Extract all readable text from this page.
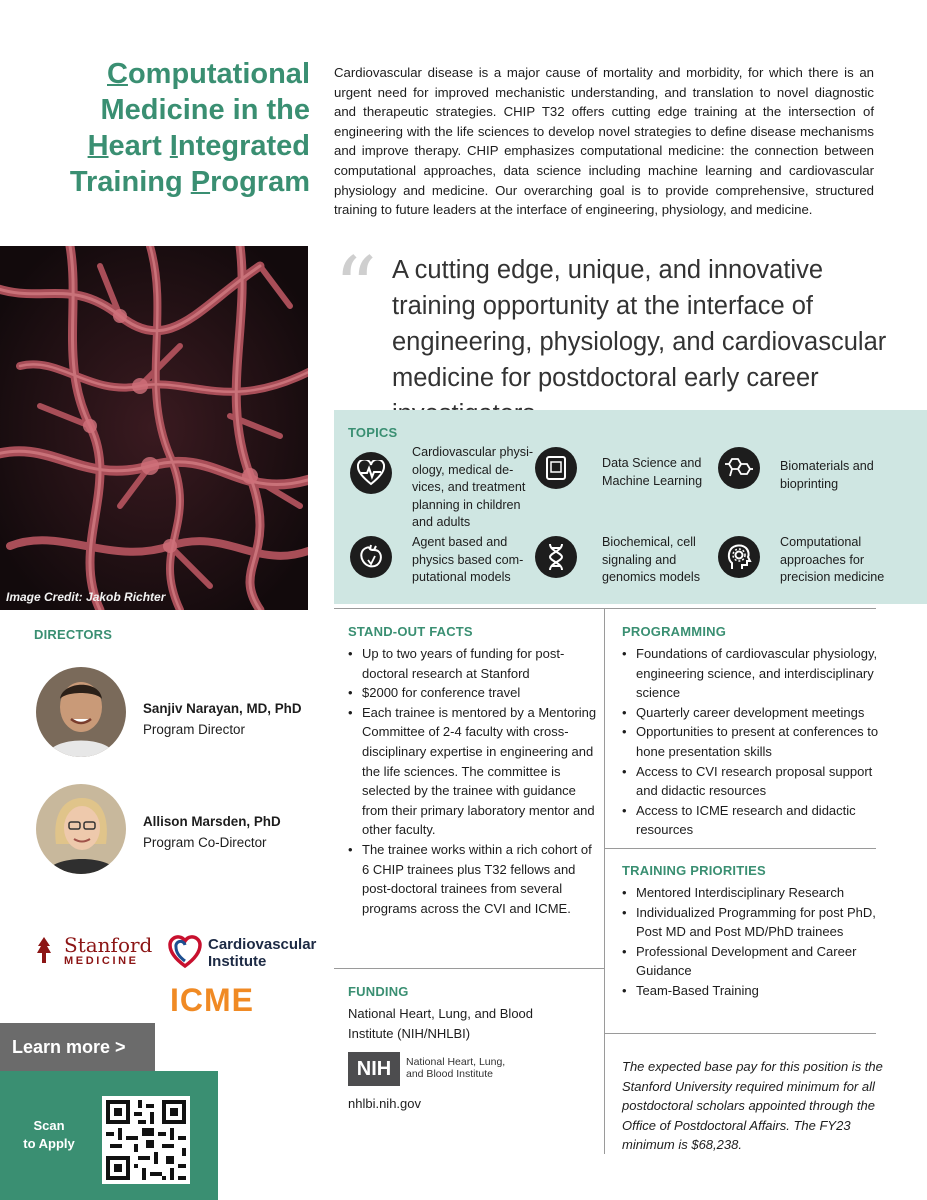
Computational
Medicine in the
Heart Integrated
Training Program
Cardiovascular disease is a major cause of mortality and morbidity, for which there is an urgent need for improved mechanistic understanding, and translation to novel diagnostic and therapeutic strategies. CHIP T32 offers cutting edge training at the intersection of engineering with the life sciences to develop novel strategies to define disease mechanisms and improve therapy. CHIP emphasizes computational medicine: the connection between computational approaches, data science including machine learning and cardiovascular physiology and medicine. Our overarching goal is to provide comprehensive, structured training to future leaders at the interface of engineering, physiology, and medicine.
Image Credit: Jakob Richter
“ A cutting edge, unique, and innovative training opportunity at the interface of engineering, physiology, and cardiovascular medicine for postdoctoral early career
TOPICS
Cardiovascular physi-ology, medical de-vices, and treatment planning in children and adults
Data Science and Machine Learning
Biomaterials and bioprinting
Agent based and physics based com-putational models
Biochemical, cell signaling and genomics models
Computational approaches for precision medicine
DIRECTORS
Sanjiv Narayan, MD, PhD
Program Director
Allison Marsden, PhD
Program Co-Director
Stanford
MEDICINE
Cardiovascular
Institute
ICME
Learn more >
Scan
to Apply
STAND-OUT FACTS
• Up to two years of funding for post-doctoral research at Stanford
• $2000 for conference travel
• Each trainee is mentored by a Mentoring Committee of 2-4 faculty with cross-disciplinary expertise in engineering and the life sciences. The committee is selected by the trainee with guidance from their primary laboratory mentor and other faculty.
• The trainee works within a rich cohort of 6 CHIP trainees plus T32 fellows and post-doctoral trainees from several programs across the CVI and ICME.
FUNDING
National Heart, Lung, and Blood Institute (NIH/NHLBI)
NIH	National Heart, Lung,
and Blood Institute
nhlbi.nih.gov
PROGRAMMING
• Foundations of cardiovascular physiology, engineering science, and interdisciplinary science
• Quarterly career development meetings
• Opportunities to present at conferences to hone presentation skills
• Access to CVI research proposal support and didactic resources
• Access to ICME research and didactic resources
TRAINING PRIORITIES
• Mentored Interdisciplinary Research
• Individualized Programming for post PhD, Post MD and Post MD/PhD trainees
• Professional Development and Career Guidance
• Team-Based Training
The expected base pay for this position is the Stanford University required minimum for all postdoctoral scholars appointed through the Office of Postdoctoral Affairs. The FY23 minimum is $68,238.
